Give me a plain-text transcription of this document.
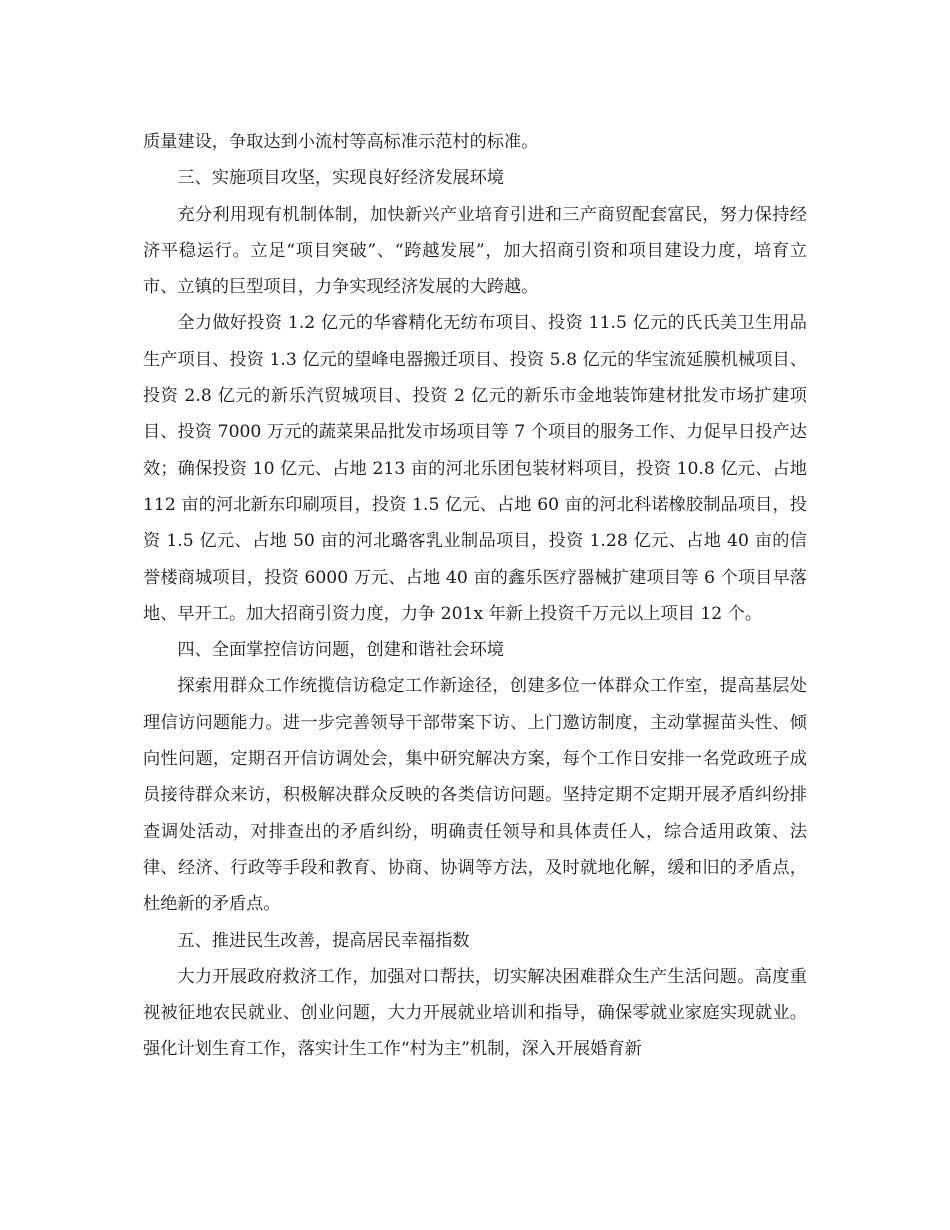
质量建设，争取达到小流村等高标准示范村的标准。

三、实施项目攻坚，实现良好经济发展环境

充分利用现有机制体制，加快新兴产业培育引进和三产商贸配套富民，努力保持经济平稳运行。立足“项目突破”、“跨越发展”，加大招商引资和项目建设力度，培育立市、立镇的巨型项目，力争实现经济发展的大跨越。

全力做好投资 1.2 亿元的华睿精化无纺布项目、投资 11.5 亿元的氏氏美卫生用品生产项目、投资 1.3 亿元的望峰电器搬迁项目、投资 5.8 亿元的华宝流延膜机械项目、投资 2.8 亿元的新乐汽贸城项目、投资 2 亿元的新乐市金地装饰建材批发市场扩建项目、投资 7000 万元的蔬菜果品批发市场项目等 7 个项目的服务工作、力促早日投产达效；确保投资 10 亿元、占地 213 亩的河北乐团包装材料项目，投资 10.8 亿元、占地 112 亩的河北新东印刷项目，投资 1.5 亿元、占地 60 亩的河北科诺橡胶制品项目，投资 1.5 亿元、占地 50 亩的河北璐客乳业制品项目，投资 1.28 亿元、占地 40 亩的信誉楼商城项目，投资 6000 万元、占地 40 亩的鑫乐医疗器械扩建项目等 6 个项目早落地、早开工。加大招商引资力度，力争 201x 年新上投资千万元以上项目 12 个。

四、全面掌控信访问题，创建和谐社会环境

探索用群众工作统揽信访稳定工作新途径，创建多位一体群众工作室，提高基层处理信访问题能力。进一步完善领导干部带案下访、上门邀访制度，主动掌握苗头性、倾向性问题，定期召开信访调处会，集中研究解决方案，每个工作日安排一名党政班子成员接待群众来访，积极解决群众反映的各类信访问题。坚持定期不定期开展矛盾纠纷排查调处活动，对排查出的矛盾纠纷，明确责任领导和具体责任人，综合适用政策、法律、经济、行政等手段和教育、协商、协调等方法，及时就地化解，缓和旧的矛盾点，杜绝新的矛盾点。

五、推进民生改善，提高居民幸福指数

大力开展政府救济工作，加强对口帮扶，切实解决困难群众生产生活问题。高度重视被征地农民就业、创业问题，大力开展就业培训和指导，确保零就业家庭实现就业。强化计划生育工作，落实计生工作“村为主”机制，深入开展婚育新
